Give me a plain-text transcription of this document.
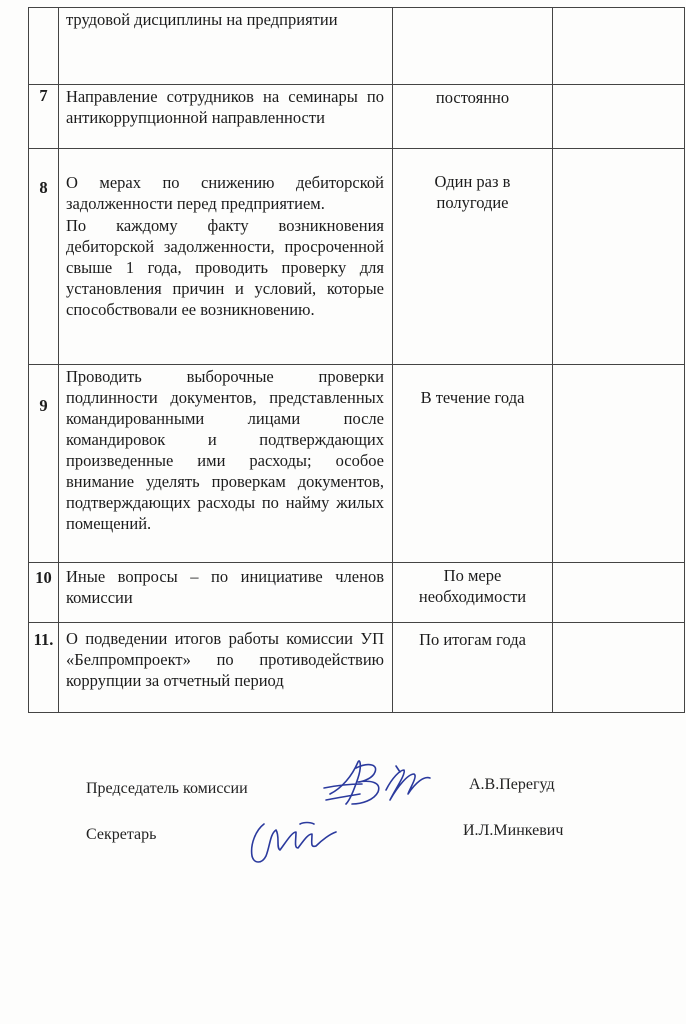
	трудовой дисциплины на предприятии		

7	Направление сотрудников на семинары по антикоррупционной направленности	постоянно	
8	О мерах по снижению дебиторской задолженности перед предприятием.
По каждому факту возникновения дебиторской задолженности, просроченной свыше 1 года, проводить проверку для установления причин и условий, которые способствовали ее возникновению.	Один раз в полугодие	
9	Проводить выборочные проверки подлинности документов, представленных командированными лицами после командировок и подтверждающих произведенные ими расходы; особое внимание уделять проверкам документов, подтверждающих расходы по найму жилых помещений.	В течение года	
10	Иные вопросы – по инициативе членов комиссии	По мере необходимости	
11.	О подведении итогов работы комиссии УП «Белпромпроект» по противодействию коррупции за отчетный период	По итогам года	
Председатель комиссии	А.В.Перегуд
Секретарь	И.Л.Минкевич
